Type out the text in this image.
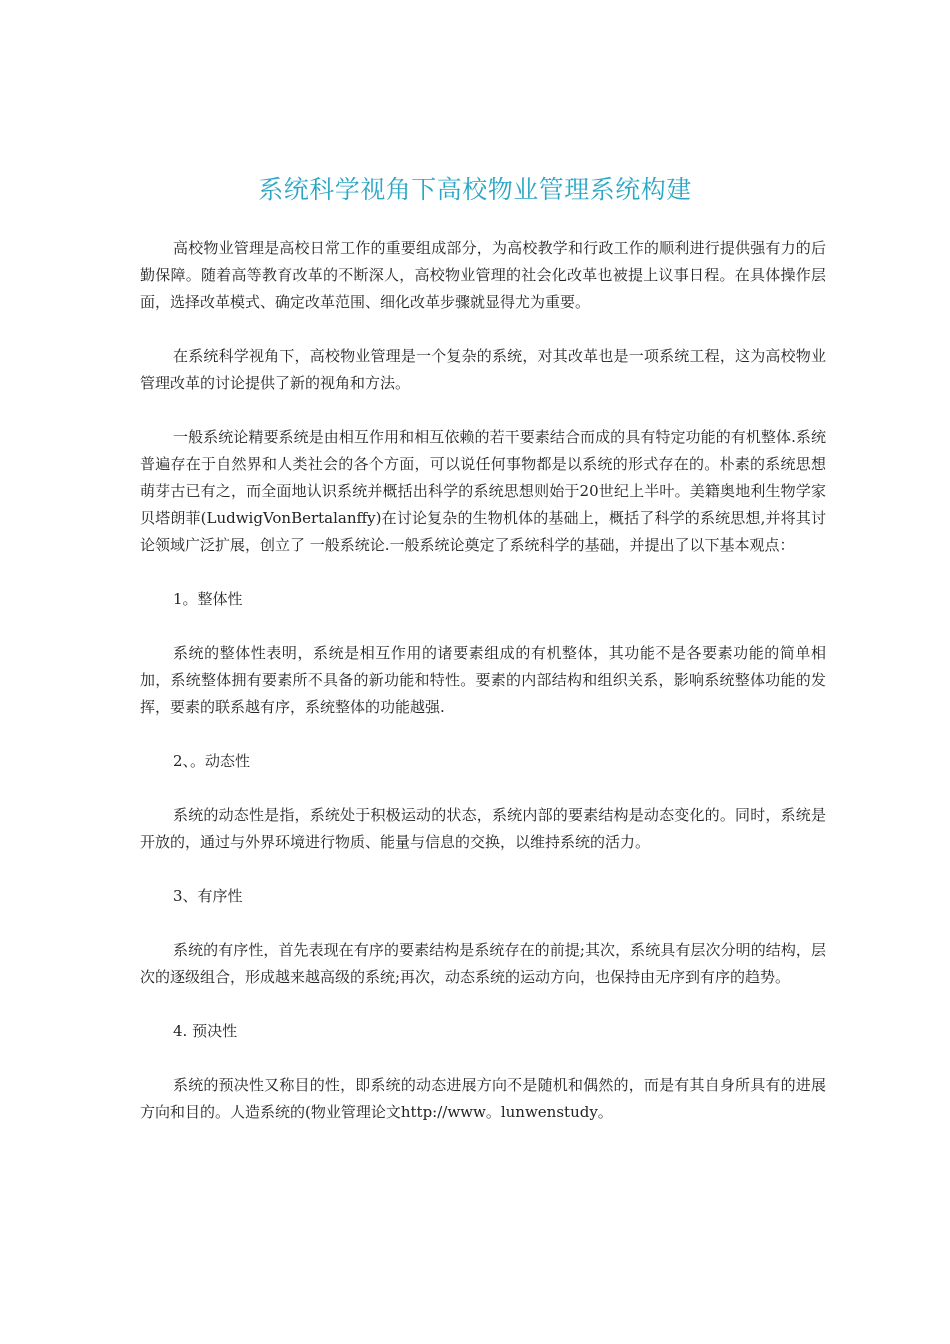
系统科学视角下高校物业管理系统构建

高校物业管理是高校日常工作的重要组成部分，为高校教学和行政工作的顺利进行提供强有力的后勤保障。随着高等教育改革的不断深人，高校物业管理的社会化改革也被提上议事日程。在具体操作层面，选择改革模式、确定改革范围、细化改革步骤就显得尤为重要。

在系统科学视角下，高校物业管理是一个复杂的系统，对其改革也是一项系统工程，这为高校物业管理改革的讨论提供了新的视角和方法。

一般系统论精要系统是由相互作用和相互依赖的若干要素结合而成的具有特定功能的有机整体.系统普遍存在于自然界和人类社会的各个方面，可以说任何事物都是以系统的形式存在的。朴素的系统思想萌芽古已有之，而全面地认识系统并概括出科学的系统思想则始于20世纪上半叶。美籍奥地利生物学家贝塔朗菲(LudwigVonBertalanffy)在讨论复杂的生物机体的基础上，概括了科学的系统思想,并将其讨论领域广泛扩展，创立了 一般系统论.一般系统论奠定了系统科学的基础，并提出了以下基本观点：

1。整体性

系统的整体性表明，系统是相互作用的诸要素组成的有机整体，其功能不是各要素功能的简单相加，系统整体拥有要素所不具备的新功能和特性。要素的内部结构和组织关系，影响系统整体功能的发挥，要素的联系越有序，系统整体的功能越强.

2、。动态性

系统的动态性是指，系统处于积极运动的状态，系统内部的要素结构是动态变化的。同时，系统是开放的，通过与外界环境进行物质、能量与信息的交换，以维持系统的活力。

3、有序性

系统的有序性，首先表现在有序的要素结构是系统存在的前提;其次，系统具有层次分明的结构，层次的逐级组合，形成越来越高级的系统;再次，动态系统的运动方向，也保持由无序到有序的趋势。

4. 预决性

系统的预决性又称目的性，即系统的动态进展方向不是随机和偶然的，而是有其自身所具有的进展方向和目的。人造系统的(物业管理论文http://www。lunwenstudy。
